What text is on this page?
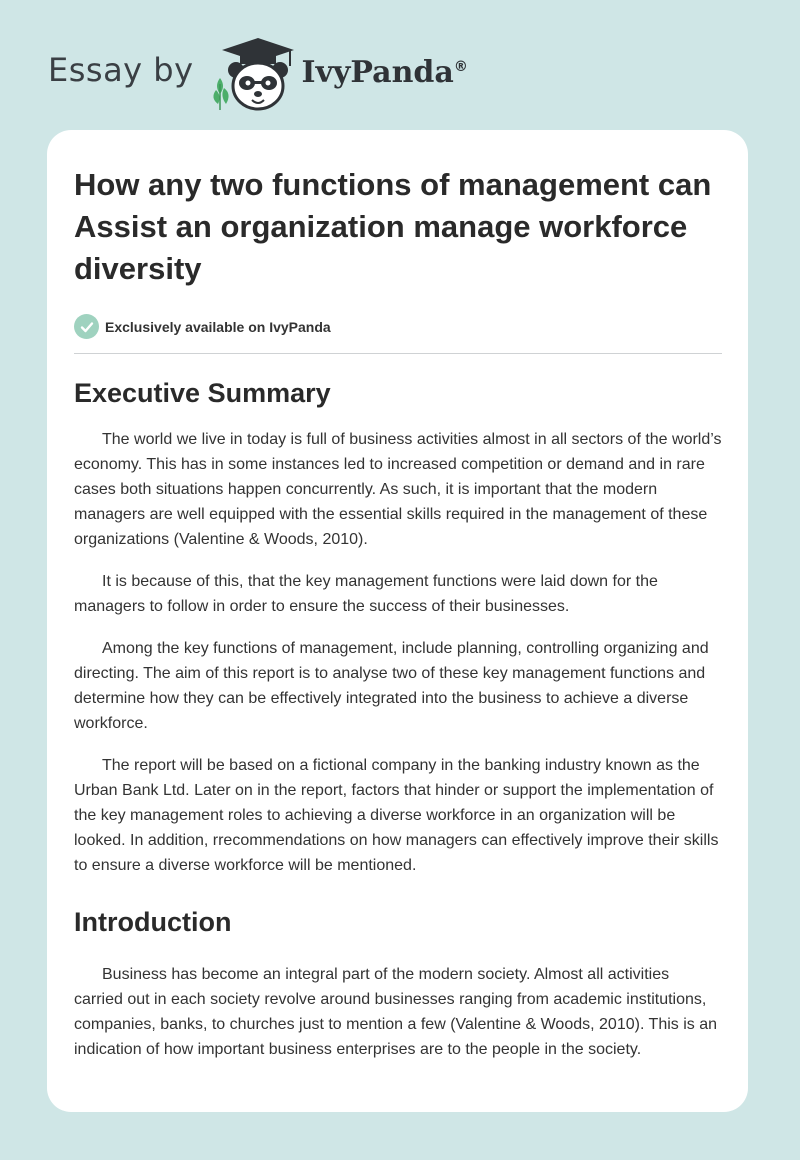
Essay by	IvyPanda®
How any two functions of management can Assist an organization manage workforce diversity
Exclusively available on IvyPanda
Executive Summary

The world we live in today is full of business activities almost in all sectors of the world’s economy. This has in some instances led to increased competition or demand and in rare cases both situations happen concurrently. As such, it is important that the modern managers are well equipped with the essential skills required in the management of these organizations (Valentine & Woods, 2010).

It is because of this, that the key management functions were laid down for the managers to follow in order to ensure the success of their businesses.

Among the key functions of management, include planning, controlling organizing and directing. The aim of this report is to analyse two of these key management functions and determine how they can be effectively integrated into the business to achieve a diverse workforce.

The report will be based on a fictional company in the banking industry known as the Urban Bank Ltd. Later on in the report, factors that hinder or support the implementation of the key management roles to achieving a diverse workforce in an organization will be looked. In addition, rrecommendations on how managers can effectively improve their skills to ensure a diverse workforce will be mentioned.

Introduction

Business has become an integral part of the modern society. Almost all activities carried out in each society revolve around businesses ranging from academic institutions, companies, banks, to churches just to mention a few (Valentine & Woods, 2010). This is an indication of how important business enterprises are to the people in the society.
